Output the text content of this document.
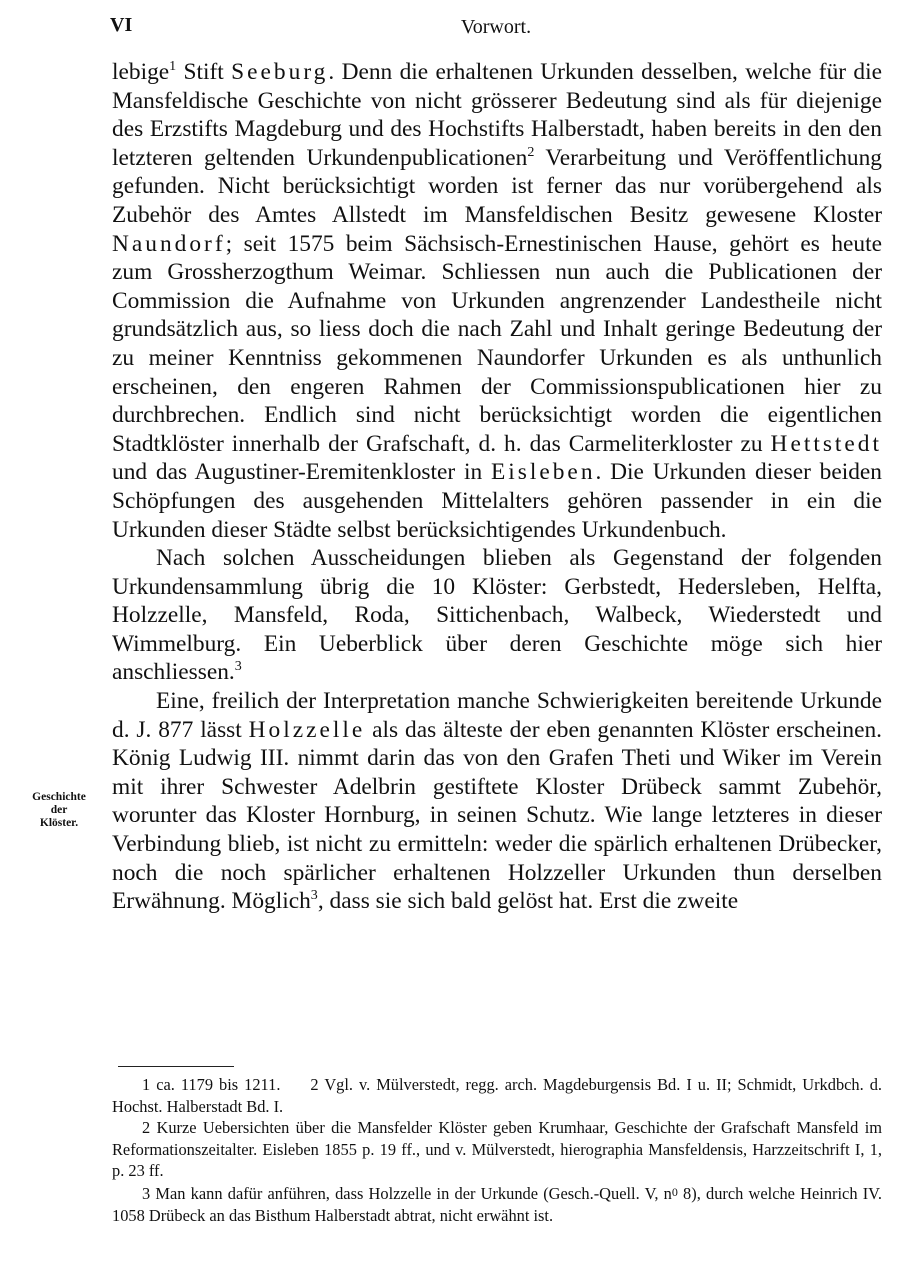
VI	Vorwort.
Geschichte
der
Klöster.

lebige$^1$ Stift Seeburg. Denn die erhaltenen Urkunden desselben, welche für die Mansfeldische Geschichte von nicht grösserer Bedeutung sind als für diejenige des Erzstifts Magdeburg und des Hochstifts Halberstadt, haben bereits in den den letzteren geltenden Urkundenpublicationen$^2$ Verarbeitung und Veröffentlichung gefunden. Nicht berücksichtigt worden ist ferner das nur vorübergehend als Zubehör des Amtes Allstedt im Mansfeldischen Besitz gewesene Kloster Naundorf; seit 1575 beim Sächsisch-Ernestinischen Hause, gehört es heute zum Grossherzogthum Weimar. Schliessen nun auch die Publicationen der Commission die Aufnahme von Urkunden angrenzender Landestheile nicht grundsätzlich aus, so liess doch die nach Zahl und Inhalt geringe Bedeutung der zu meiner Kenntniss gekommenen Naundorfer Urkunden es als unthunlich erscheinen, den engeren Rahmen der Commissionspublicationen hier zu durchbrechen. Endlich sind nicht berücksichtigt worden die eigentlichen Stadtklöster innerhalb der Grafschaft, d. h. das Carmeliterkloster zu Hettstedt und das Augustiner-Eremitenkloster in Eisleben. Die Urkunden dieser beiden Schöpfungen des ausgehenden Mittelalters gehören passender in ein die Urkunden dieser Städte selbst berücksichtigendes Urkundenbuch.

Nach solchen Ausscheidungen blieben als Gegenstand der folgenden Urkundensammlung übrig die 10 Klöster: Gerbstedt, Hedersleben, Helfta, Holzzelle, Mansfeld, Roda, Sittichenbach, Walbeck, Wiederstedt und Wimmelburg. Ein Ueberblick über deren Geschichte möge sich hier anschliessen.$^3$

Eine, freilich der Interpretation manche Schwierigkeiten bereitende Urkunde d. J. 877 lässt Holzzelle als das älteste der eben genannten Klöster erscheinen. König Ludwig III. nimmt darin das von den Grafen Theti und Wiker im Verein mit ihrer Schwester Adelbrin gestiftete Kloster Drübeck sammt Zubehör, worunter das Kloster Hornburg, in seinen Schutz. Wie lange letzteres in dieser Verbindung blieb, ist nicht zu ermitteln: weder die spärlich erhaltenen Drübecker, noch die noch spärlicher erhaltenen Holzzeller Urkunden thun derselben Erwähnung. Möglich$^3$, dass sie sich bald gelöst hat. Erst die zweite

1 ca. 1179 bis 1211. 2 Vgl. v. Mülverstedt, regg. arch. Magdeburgensis Bd. I u. II; Schmidt, Urkdbch. d. Hochst. Halberstadt Bd. I.

2 Kurze Uebersichten über die Mansfelder Klöster geben Krumhaar, Geschichte der Grafschaft Mansfeld im Reformationszeitalter. Eisleben 1855 p. 19 ff., und v. Mülverstedt, hierographia Mansfeldensis, Harzzeitschrift I, 1, p. 23 ff.

3 Man kann dafür anführen, dass Holzzelle in der Urkunde (Gesch.-Quell. V, n0 8), durch welche Heinrich IV. 1058 Drübeck an das Bisthum Halberstadt abtrat, nicht erwähnt ist.
